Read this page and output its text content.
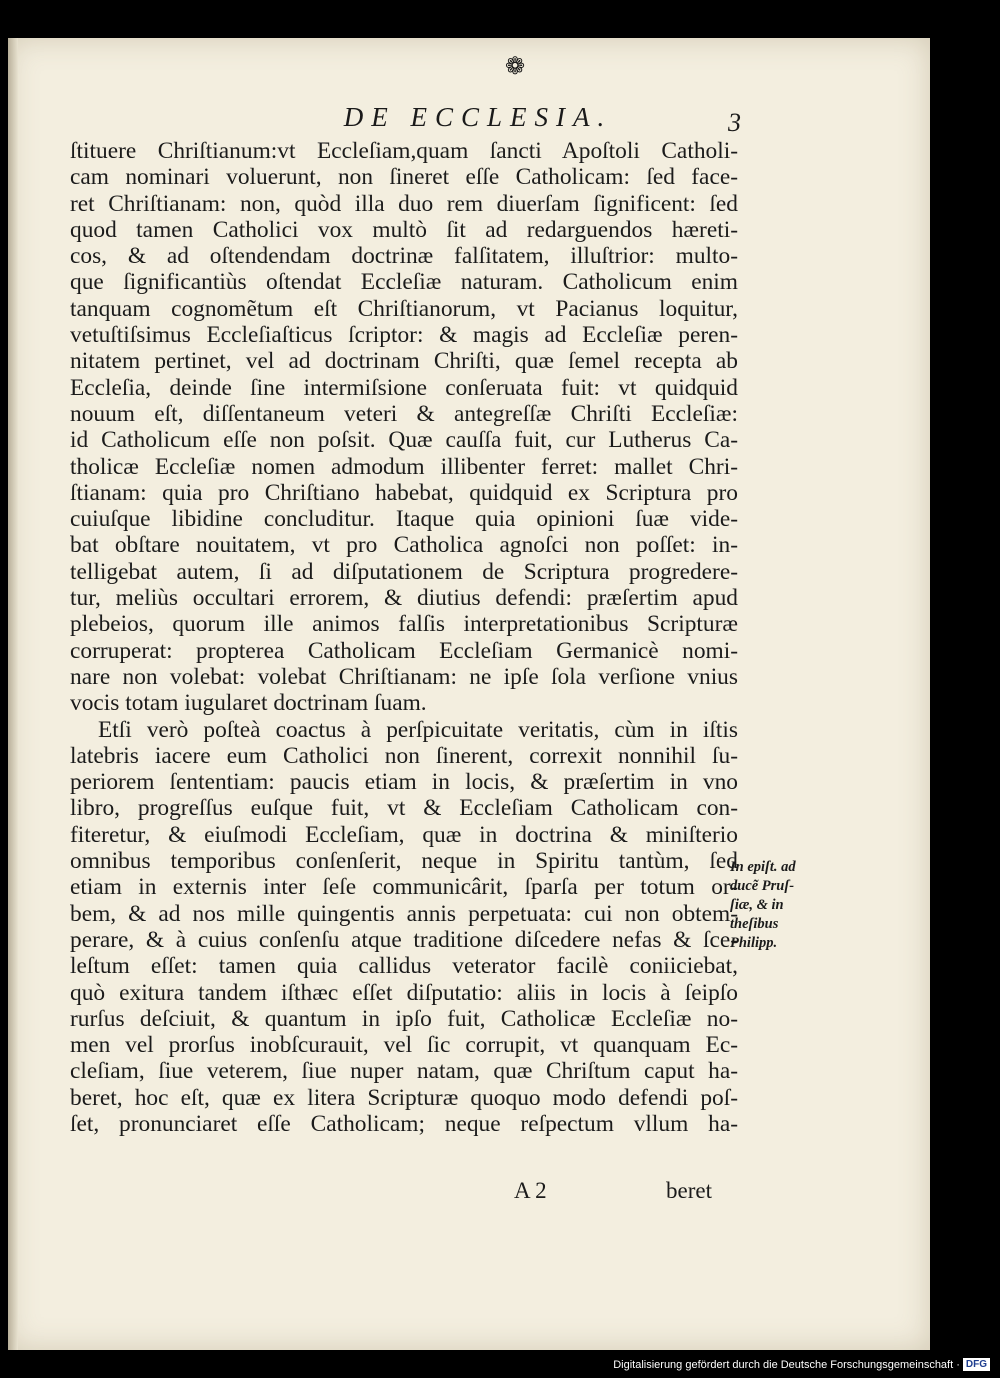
❁
DE ECCLESIA.	3
ſtituere Chriſtianum:vt Eccleſiam,quam ſancti Apoſtoli Catholi-
cam nominari voluerunt, non ſineret eſſe Catholicam: ſed face-
ret Chriſtianam: non, quòd illa duo rem diuerſam ſignificent: ſed
quod tamen Catholici vox multò ſit ad redarguendos hæreti-
cos, & ad oſtendendam doctrinæ falſitatem, illuſtrior: multo-
que ſignificantiùs oſtendat Eccleſiæ naturam. Catholicum enim
tanquam cognomẽtum eſt Chriſtianorum, vt Pacianus loquitur,
vetuſtiſsimus Eccleſiaſticus ſcriptor: & magis ad Eccleſiæ peren-
nitatem pertinet, vel ad doctrinam Chriſti, quæ ſemel recepta ab
Eccleſia, deinde ſine intermiſsione conſeruata fuit: vt quidquid
nouum eſt, diſſentaneum veteri & antegreſſæ Chriſti Eccleſiæ:
id Catholicum eſſe non poſsit. Quæ cauſſa fuit, cur Lutherus Ca-
tholicæ Eccleſiæ nomen admodum illibenter ferret: mallet Chri-
ſtianam: quia pro Chriſtiano habebat, quidquid ex Scriptura pro
cuiuſque libidine concluditur. Itaque quia opinioni ſuæ vide-
bat obſtare nouitatem, vt pro Catholica agnoſci non poſſet: in-
telligebat autem, ſi ad diſputationem de Scriptura progredere-
tur, meliùs occultari errorem, & diutius defendi: præſertim apud
plebeios, quorum ille animos falſis interpretationibus Scripturæ
corruperat: propterea Catholicam Eccleſiam Germanicè nomi-
nare non volebat: volebat Chriſtianam: ne ipſe ſola verſione vnius
vocis totam iugularet doctrinam ſuam.
Etſi verò poſteà coactus à perſpicuitate veritatis, cùm in iſtis
latebris iacere eum Catholici non ſinerent, correxit nonnihil ſu-
periorem ſententiam: paucis etiam in locis, & præſertim in vno
libro, progreſſus euſque fuit, vt & Eccleſiam Catholicam con-
fiteretur, & eiuſmodi Eccleſiam, quæ in doctrina & miniſterio
omnibus temporibus conſenſerit, neque in Spiritu tantùm, ſed
etiam in externis inter ſeſe communicârit, ſparſa per totum or-
bem, & ad nos mille quingentis annis perpetuata: cui non obtem-
perare, & à cuius conſenſu atque traditione diſcedere nefas & ſce-
leſtum eſſet: tamen quia callidus veterator facilè coniiciebat,
quò exitura tandem iſthæc eſſet diſputatio: aliis in locis à ſeipſo
rurſus deſciuit, & quantum in ipſo fuit, Catholicæ Eccleſiæ no-
men vel prorſus inobſcurauit, vel ſic corrupit, vt quanquam Ec-
cleſiam, ſiue veterem, ſiue nuper natam, quæ Chriſtum caput ha-
beret, hoc eſt, quæ ex litera Scripturæ quoquo modo defendi poſ-
ſet, pronunciaret eſſe Catholicam; neque reſpectum vllum ha-
In epiſt. ad
ducẽ Pruſ-
ſiæ, & in
theſibus
Philipp.
A 2	beret
Digitalisierung gefördert durch die Deutsche Forschungsgemeinschaft · DFG
